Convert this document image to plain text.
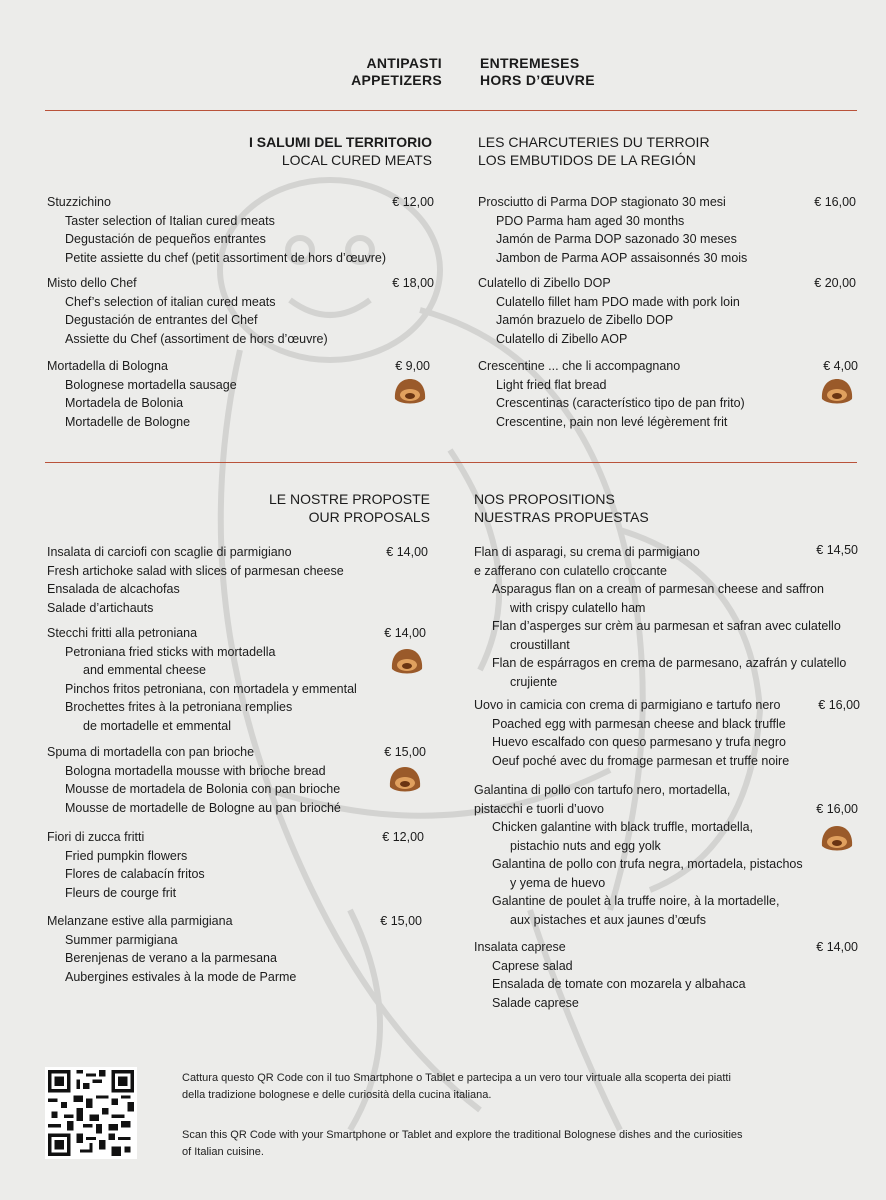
ANTIPASTI
APPETIZERS
ENTREMESES
HORS D’ŒUVRE
I SALUMI DEL TERRITORIO
LOCAL CURED MEATS
LES CHARCUTERIES DU TERROIR
LOS EMBUTIDOS DE LA REGIÓN
Stuzzichino
Taster selection of Italian cured meats
Degustación de pequeños entrantes
Petite assiette du chef (petit assortiment de hors d’œuvre)
€ 12,00
Misto dello Chef
Chef’s selection of italian cured meats
Degustación de entrantes del Chef
Assiette du Chef (assortiment de hors d’œuvre)
€ 18,00
Mortadella di Bologna
Bolognese mortadella sausage
Mortadela de Bolonia
Mortadelle de Bologne
€ 9,00
Prosciutto di Parma DOP stagionato 30 mesi
PDO Parma ham aged 30 months
Jamón de Parma DOP sazonado 30 meses
Jambon de Parma AOP assaisonnés 30 mois
€ 16,00
Culatello di Zibello DOP
Culatello fillet ham PDO made with pork loin
Jamón brazuelo de Zibello DOP
Culatello di Zibello AOP
€ 20,00
Crescentine ... che li accompagnano
Light fried flat bread
Crescentinas (característico tipo de pan frito)
Crescentine, pain non levé légèrement frit
€ 4,00
LE NOSTRE PROPOSTE
OUR PROPOSALS
NOS PROPOSITIONS
NUESTRAS PROPUESTAS
Insalata di carciofi con scaglie di parmigiano
Fresh artichoke salad with slices of parmesan cheese
Ensalada de alcachofas
Salade d’artichauts
€ 14,00
Stecchi fritti alla petroniana
Petroniana fried sticks with mortadella
and emmental cheese
Pinchos fritos petroniana, con mortadela y emmental
Brochettes frites à la petroniana remplies
de mortadelle et emmental
€ 14,00
Spuma di mortadella con pan brioche
Bologna mortadella mousse with brioche bread
Mousse de mortadela de Bolonia con pan brioche
Mousse de mortadelle de Bologne au pan brioché
€ 15,00
Fiori di zucca fritti
Fried pumpkin flowers
Flores de calabacín fritos
Fleurs de courge frit
€ 12,00
Melanzane estive alla parmigiana
Summer parmigiana
Berenjenas de verano a la parmesana
Aubergines estivales à la mode de Parme
€ 15,00
Flan di asparagi, su crema di parmigiano
e zafferano con culatello croccante
Asparagus flan on a cream of parmesan cheese and saffron
with crispy culatello ham
Flan d’asperges sur crèm au parmesan et safran avec culatello
croustillant
Flan de espárragos en crema de parmesano, azafrán y culatello
crujiente
€ 14,50
Uovo in camicia con crema di parmigiano e tartufo nero
Poached egg with parmesan cheese and black truffle
Huevo escalfado con queso parmesano y trufa negro
Oeuf poché avec du fromage parmesan et truffe noire
€ 16,00
Galantina di pollo con tartufo nero, mortadella,
pistacchi e tuorli d’uovo
Chicken galantine with black truffle, mortadella,
pistachio nuts and egg yolk
Galantina de pollo con trufa negra, mortadela, pistachos
y yema de huevo
Galantine de poulet à la truffe noire, à la mortadelle,
aux pistaches et aux jaunes d’œufs
€ 16,00
Insalata caprese
Caprese salad
Ensalada de tomate con mozarela y albahaca
Salade caprese
€ 14,00
Cattura questo QR Code con il tuo Smartphone o Tablet e partecipa a un vero tour virtuale alla scoperta dei piatti
della tradizione bolognese e delle curiosità della cucina italiana.
Scan this QR Code with your Smartphone or Tablet and explore the traditional Bolognese dishes and the curiosities
of Italian cuisine.
